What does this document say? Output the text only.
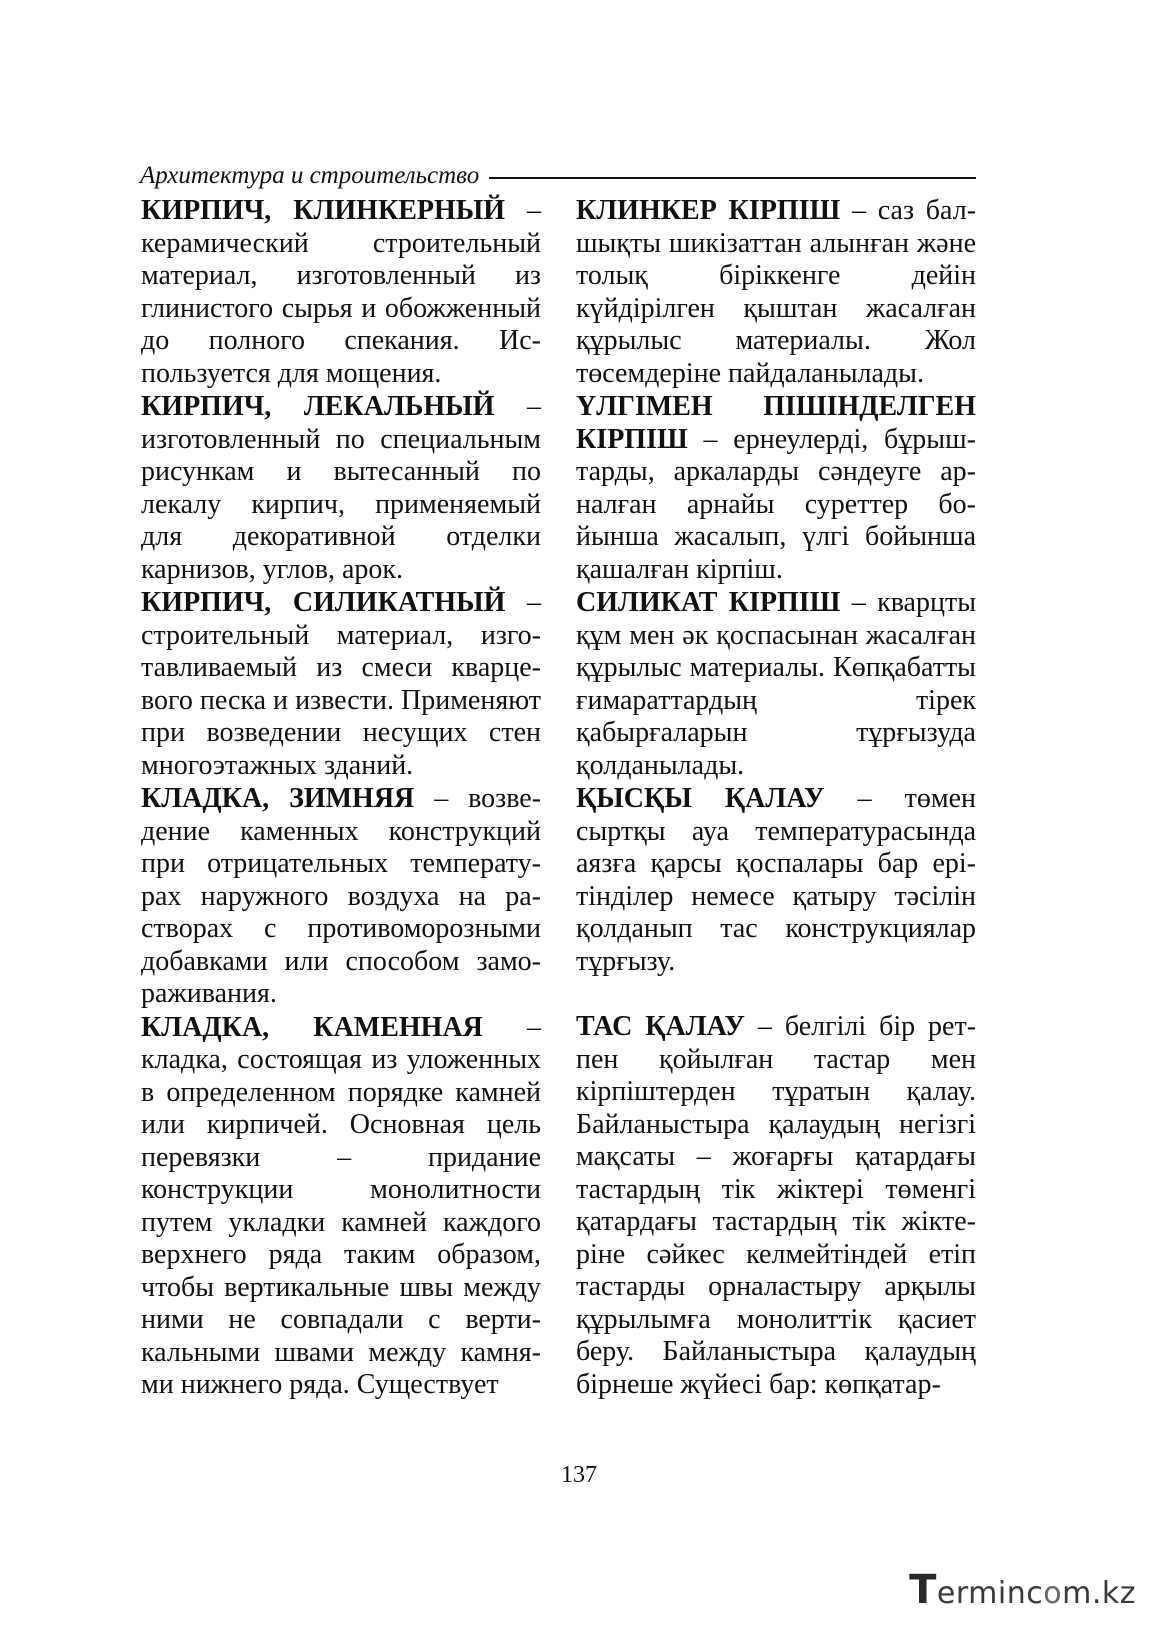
Архитектура и строительство

КИРПИЧ, КЛИНКЕРНЫЙ – керамический строительный материал, изготовленный из глинистого сырья и обожженный до полного спекания. Используется для мощения.

КИРПИЧ, ЛЕКАЛЬНЫЙ – изготовленный по специальным рисункам и вытесанный по лекалу кирпич, применяемый для декоративной отделки карнизов, углов, арок.

КИРПИЧ, СИЛИКАТНЫЙ – строительный материал, изготавливаемый из смеси кварцевого песка и извести. Применяют при возведении несущих стен многоэтажных зданий.

КЛАДКА, ЗИМНЯЯ – возведение каменных конструкций при отрицательных температурах наружного воздуха на растворах с противоморозными добавками или способом замораживания.

КЛАДКА, КАМЕННАЯ – кладка, состоящая из уложенных в определенном порядке камней или кирпичей. Основная цель перевязки – придание конструкции монолитности путем укладки камней каждого верхнего ряда таким образом, чтобы вертикальные швы между ними не совпадали с вертикальными швами между камнями нижнего ряда. Существует

КЛИНКЕР КІРПІШ – саз балшықты шикізаттан алынған және толық біріккенге дейін күйдірілген қыштан жасалған құрылыс материалы. Жол төсемдеріне пайдаланылады.

ҮЛГІМЕН ПІШІНДЕЛГЕН КІРПІШ – ернеулерді, бұрыштарды, аркаларды сәндеуге арналған арнайы суреттер бойынша жасалып, үлгі бойынша қашалған кірпіш.

СИЛИКАТ КІРПІШ – кварцты құм мен әк қоспасынан жасалған құрылыс материалы. Көпқабатты ғимараттардың тірек қабырғаларын тұрғызуда қолданылады.

ҚЫСҚЫ ҚАЛАУ – төмен сыртқы ауа температурасында аязға қарсы қоспалары бар ерітінділер немесе қатыру тәсілін қолданып тас конструкциялар тұрғызу.

ТАС ҚАЛАУ – белгілі бір ретпен қойылған тастар мен кірпіштерден тұратын қалау. Байланыстыра қалаудың негізгі мақсаты – жоғарғы қатардағы тастардың тік жіктері төменгі қатардағы тастардың тік жіктеріне сәйкес келмейтіндей етіп тастарды орналастыру арқылы құрылымға монолиттік қасиет беру. Байланыстыра қалаудың бірнеше жүйесі бар: көпқатар-

137
Termincom.kz
